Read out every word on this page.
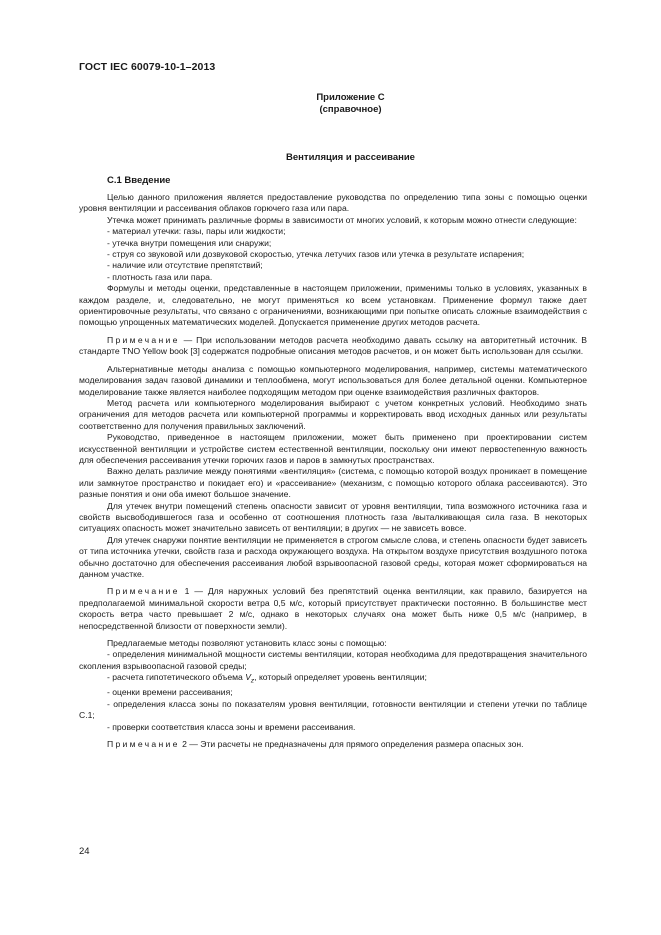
ГОСТ IEC 60079-10-1–2013
Приложение С
(справочное)
Вентиляция и рассеивание
С.1 Введение

Целью данного приложения является предоставление руководства по определению типа зоны с помощью оценки уровня вентиляции и рассеивания облаков горючего газа или пара.

Утечка может принимать различные формы в зависимости от многих условий, к которым можно отнести следующие:

- материал утечки: газы, пары или жидкости;

- утечка внутри помещения или снаружи;

- струя со звуковой или дозвуковой скоростью, утечка летучих газов или утечка в результате испарения;

- наличие или отсутствие препятствий;

- плотность газа или пара.

Формулы и методы оценки, представленные в настоящем приложении, применимы только в условиях, указанных в каждом разделе, и, следовательно, не могут применяться ко всем установкам. Применение формул также дает ориентировочные результаты, что связано с ограничениями, возникающими при попытке описать сложные взаимодействия с помощью упрощенных математических моделей. Допускается применение других методов расчета.

Примечание — При использовании методов расчета необходимо давать ссылку на авторитетный источник. В стандарте TNO Yellow book [3] содержатся подробные описания методов расчетов, и он может быть использован для ссылки.

Альтернативные методы анализа с помощью компьютерного моделирования, например, системы математического моделирования задач газовой динамики и теплообмена, могут использоваться для более детальной оценки. Компьютерное моделирование также является наиболее подходящим методом при оценке взаимодействия различных факторов.

Метод расчета или компьютерного моделирования выбирают с учетом конкретных условий. Необходимо знать ограничения для методов расчета или компьютерной программы и корректировать ввод исходных данных или результаты соответственно для получения правильных заключений.

Руководство, приведенное в настоящем приложении, может быть применено при проектировании систем искусственной вентиляции и устройстве систем естественной вентиляции, поскольку они имеют первостепенную важность для обеспечения рассеивания утечки горючих газов и паров в замкнутых пространствах.

Важно делать различие между понятиями «вентиляция» (система, с помощью которой воздух проникает в помещение или замкнутое пространство и покидает его) и «рассеивание» (механизм, с помощью которого облака рассеиваются). Это разные понятия и они оба имеют большое значение.

Для утечек внутри помещений степень опасности зависит от уровня вентиляции, типа возможного источника газа и свойств высвободившегося газа и особенно от соотношения плотность газа /выталкивающая сила газа. В некоторых ситуациях опасность может значительно зависеть от вентиляции; в других — не зависеть вовсе.

Для утечек снаружи понятие вентиляции не применяется в строгом смысле слова, и степень опасности будет зависеть от типа источника утечки, свойств газа и расхода окружающего воздуха. На открытом воздухе присутствия воздушного потока обычно достаточно для обеспечения рассеивания любой взрывоопасной газовой среды, которая может сформироваться на данном участке.

Примечание 1 — Для наружных условий без препятствий оценка вентиляции, как правило, базируется на предполагаемой минимальной скорости ветра 0,5 м/с, который присутствует практически постоянно. В большинстве мест скорость ветра часто превышает 2 м/с, однако в некоторых случаях она может быть ниже 0,5 м/с (например, в непосредственной близости от поверхности земли).

Предлагаемые методы позволяют установить класс зоны с помощью:

- определения минимальной мощности системы вентиляции, которая необходима для предотвращения значительного скопления взрывоопасной газовой среды;

- расчета гипотетического объема $V_z$, который определяет уровень вентиляции;

- оценки времени рассеивания;

- определения класса зоны по показателям уровня вентиляции, готовности вентиляции и степени утечки по таблице С.1;

- проверки соответствия класса зоны и времени рассеивания.

Примечание 2 — Эти расчеты не предназначены для прямого определения размера опасных зон.

24
